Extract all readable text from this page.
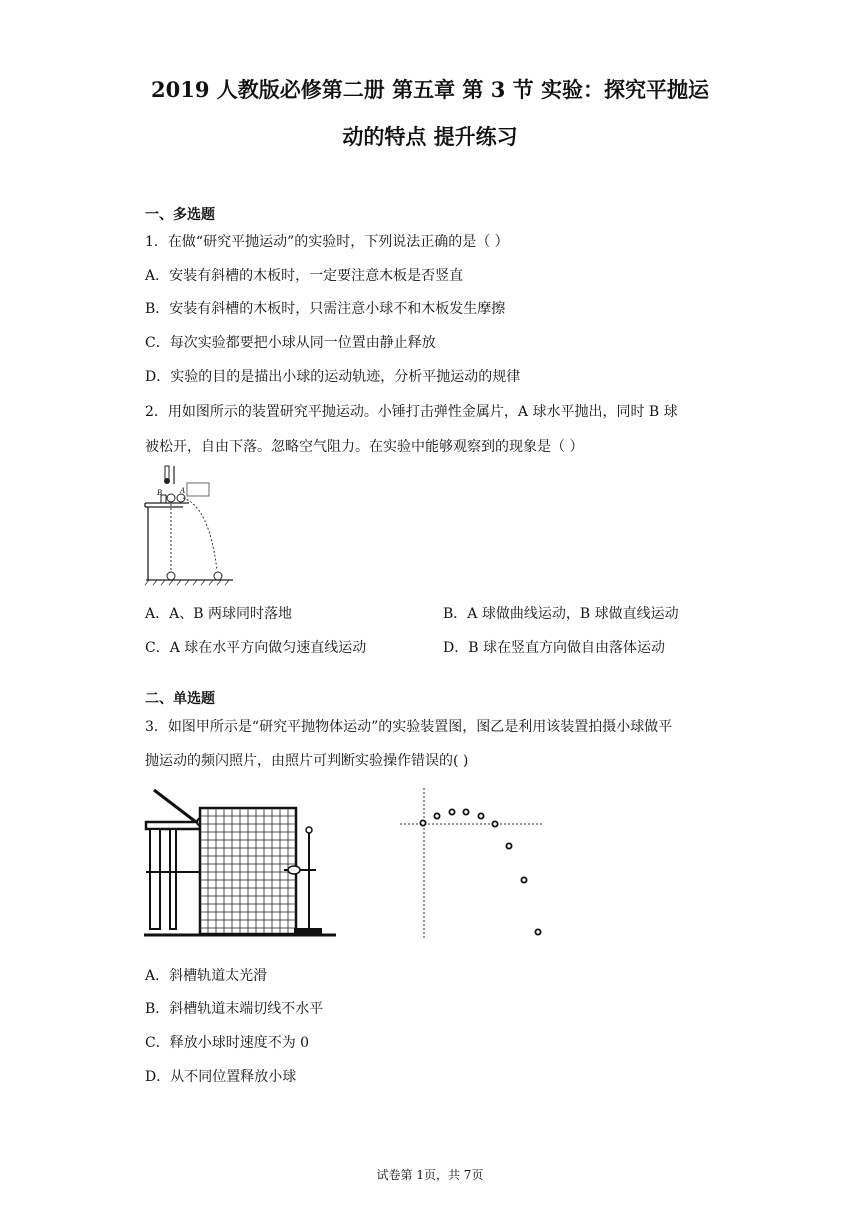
2019 人教版必修第二册 第五章 第 3 节 实验：探究平抛运
动的特点 提升练习
一、多选题
1．在做“研究平抛运动”的实验时，下列说法正确的是（ ）
A．安装有斜槽的木板时，一定要注意木板是否竖直
B．安装有斜槽的木板时，只需注意小球不和木板发生摩擦
C．每次实验都要把小球从同一位置由静止释放
D．实验的目的是描出小球的运动轨迹，分析平抛运动的规律
2．用如图所示的装置研究平抛运动。小锤打击弹性金属片，A 球水平抛出，同时 B 球
被松开，自由下落。忽略空气阻力。在实验中能够观察到的现象是（ ）
B A
A．A、B 两球同时落地	B．A 球做曲线运动，B 球做直线运动
C．A 球在水平方向做匀速直线运动	D．B 球在竖直方向做自由落体运动
二、单选题
3．如图甲所示是“研究平抛物体运动”的实验装置图，图乙是利用该装置拍摄小球做平
抛运动的频闪照片，由照片可判断实验操作错误的( )
A．斜槽轨道太光滑
B．斜槽轨道末端切线不水平
C．释放小球时速度不为 0
D．从不同位置释放小球
试卷第 1页，共 7页
